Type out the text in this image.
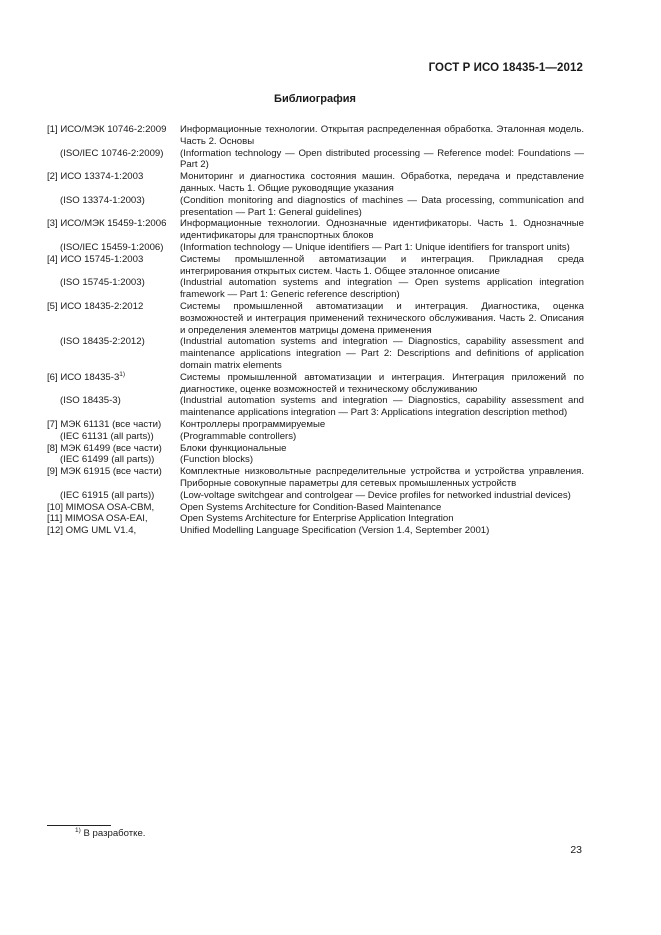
ГОСТ Р ИСО 18435-1—2012
Библиография
[1] ИСО/МЭК 10746-2:2009	Информационные технологии. Открытая распределенная обработка. Эталонная модель. Часть 2. Основы
(ISO/IEC 10746-2:2009)	(Information technology — Open distributed processing — Reference model: Foundations — Part 2)
[2] ИСО 13374-1:2003	Мониторинг и диагностика состояния машин. Обработка, передача и представление данных. Часть 1. Общие руководящие указания
(ISO 13374-1:2003)	(Condition monitoring and diagnostics of machines — Data processing, communication and presentation — Part 1: General guidelines)
[3] ИСО/МЭК 15459-1:2006	Информационные технологии. Однозначные идентификаторы. Часть 1. Однозначные идентификаторы для транспортных блоков
(ISO/IEC 15459-1:2006)	(Information technology — Unique identifiers — Part 1: Unique identifiers for transport units)
[4] ИСО 15745-1:2003	Системы промышленной автоматизации и интеграция. Прикладная среда интегрирования открытых систем. Часть 1. Общее эталонное описание
(ISO 15745-1:2003)	(Industrial automation systems and integration — Open systems application integration framework — Part 1: Generic reference description)
[5] ИСО 18435-2:2012	Системы промышленной автоматизации и интеграция. Диагностика, оценка возможностей и интеграция применений технического обслуживания. Часть 2. Описания и определения элементов матрицы домена применения
(ISO 18435-2:2012)	(Industrial automation systems and integration — Diagnostics, capability assessment and maintenance applications integration — Part 2: Descriptions and definitions of application domain matrix elements
[6] ИСО 18435-3$^{1)}$	Системы промышленной автоматизации и интеграция. Интеграция приложений по диагностике, оценке возможностей и техническому обслуживанию
(ISO 18435-3)	(Industrial automation systems and integration — Diagnostics, capability assessment and maintenance applications integration — Part 3: Applications integration description method)
[7] МЭК 61131 (все части)	Контроллеры программируемые
(IEC 61131 (all parts))	(Programmable controllers)
[8] МЭК 61499 (все части)	Блоки функциональные
(IEC 61499 (all parts))	(Function blocks)
[9] МЭК 61915 (все части)	Комплектные низковольтные распределительные устройства и устройства управления. Приборные совокупные параметры для сетевых промышленных устройств
(IEC 61915 (all parts))	(Low-voltage switchgear and controlgear — Device profiles for networked industrial devices)
[10] MIMOSA OSA-CBM,	Open Systems Architecture for Condition-Based Maintenance
[11] MIMOSA OSA-EAI,	Open Systems Architecture for Enterprise Application Integration
[12] OMG UML V1.4,	Unified Modelling Language Specification (Version 1.4, September 2001)
$^{1)}$ В разработке.
23
